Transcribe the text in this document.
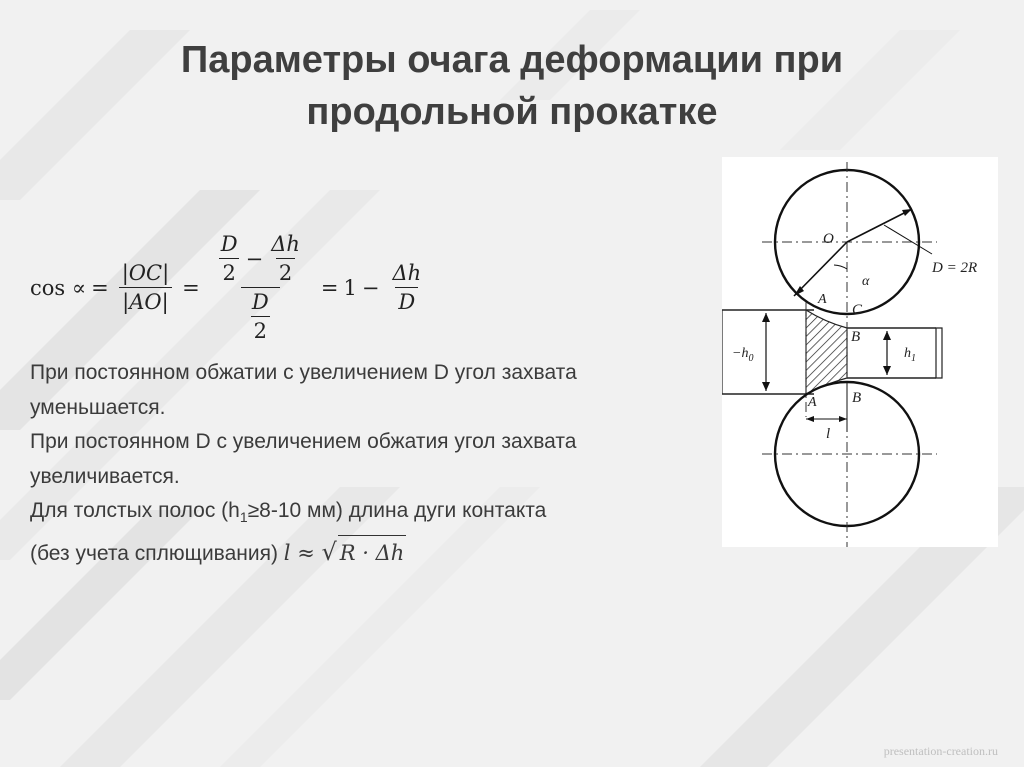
Параметры очага деформации при
продольной прокатке
cos
∝ = $\frac{|OC|}{|AO|} = \frac{\frac{D}{2} - \frac{\Delta h}{2}}{\frac{D}{2}} = 1 - \frac{\Delta h}{D}$

При постоянном обжатии с увеличением D угол захвата

уменьшается.

При постоянном D с увеличением обжатия угол захвата

увеличивается.

Для толстых полос ($h_1\ge 8-10$ мм) длина дуги контакта

(без учета сплющивания) l ≈ √ R · Δh

O
D = 2R
α
A
C
B
$-h_0$	$h_1$
A B
l
presentation-creation.ru
